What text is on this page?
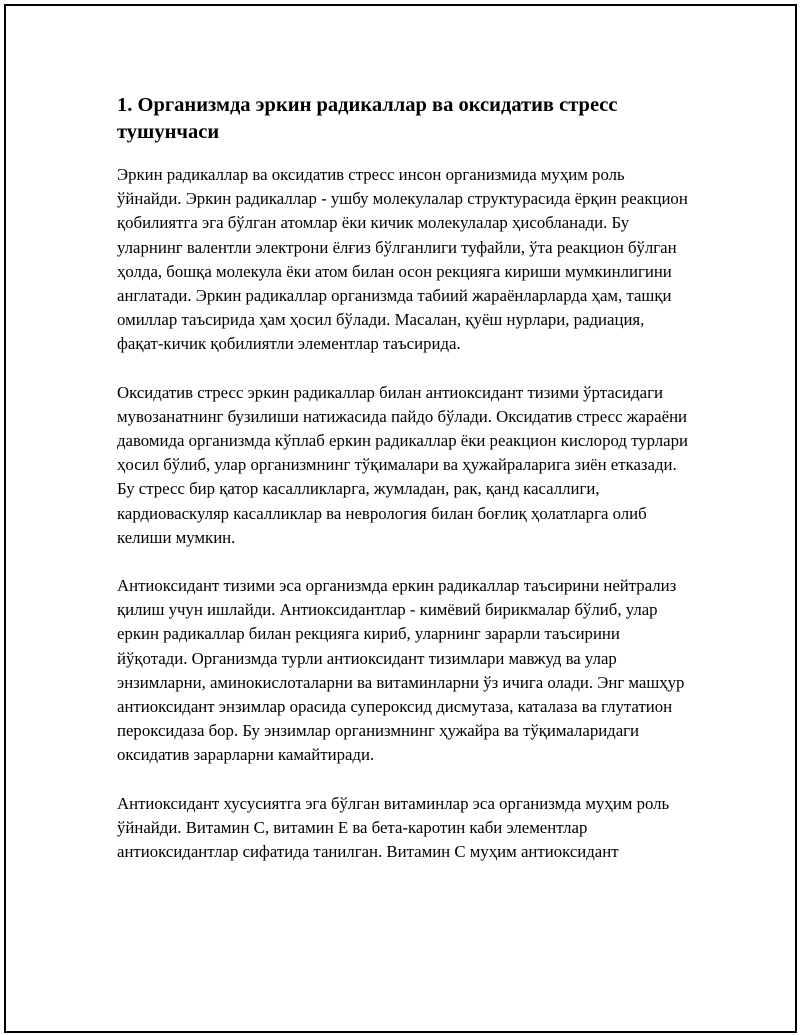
1. Организмда эркин радикаллар ва оксидатив стресс тушунчаси

Эркин радикаллар ва оксидатив стресс инсон организмида муҳим роль ўйнайди. Эркин радикаллар - ушбу молекулалар структурасида ёрқин реакцион қобилиятга эга бўлган атомлар ёки кичик молекулалар ҳисобланади. Бу уларнинг валентли электрони ёлғиз бўлганлиги туфайли, ўта реакцион бўлган ҳолда, бошқа молекула ёки атом билан осон рекцияга кириши мумкинлигини англатади. Эркин радикаллар организмда табиий жараёнларларда ҳам, ташқи омиллар таъсирида ҳам ҳосил бўлади. Масалан, қуёш нурлари, радиация, фақат-кичик қобилиятли элементлар таъсирида.

Оксидатив стресс эркин радикаллар билан антиоксидант тизими ўртасидаги мувозанатнинг бузилиши натижасида пайдо бўлади. Оксидатив стресс жараёни давомида организмда кўплаб еркин радикаллар ёки реакцион кислород турлари ҳосил бўлиб, улар организмнинг тўқималари ва ҳужайраларига зиён етказади. Бу стресс бир қатор касалликларга, жумладан, рак, қанд касаллиги, кардиоваскуляр касалликлар ва неврология билан боғлиқ ҳолатларга олиб келиши мумкин.

Антиоксидант тизими эса организмда еркин радикаллар таъсирини нейтрализ қилиш учун ишлайди. Антиоксидантлар - кимёвий бирикмалар бўлиб, улар еркин радикаллар билан рекцияга кириб, уларнинг зарарли таъсирини йўқотади. Организмда турли антиоксидант тизимлари мавжуд ва улар энзимларни, аминокислоталарни ва витаминларни ўз ичига олади. Энг машҳур антиоксидант энзимлар орасида супероксид дисмутаза, каталаза ва глутатион пероксидаза бор. Бу энзимлар организмнинг ҳужайра ва тўқималаридаги оксидатив зарарларни камайтиради.

Антиоксидант хусусиятга эга бўлган витаминлар эса организмда муҳим роль ўйнайди. Витамин C, витамин E ва бета-каротин каби элементлар антиоксидантлар сифатида танилган. Витамин C муҳим антиоксидант
